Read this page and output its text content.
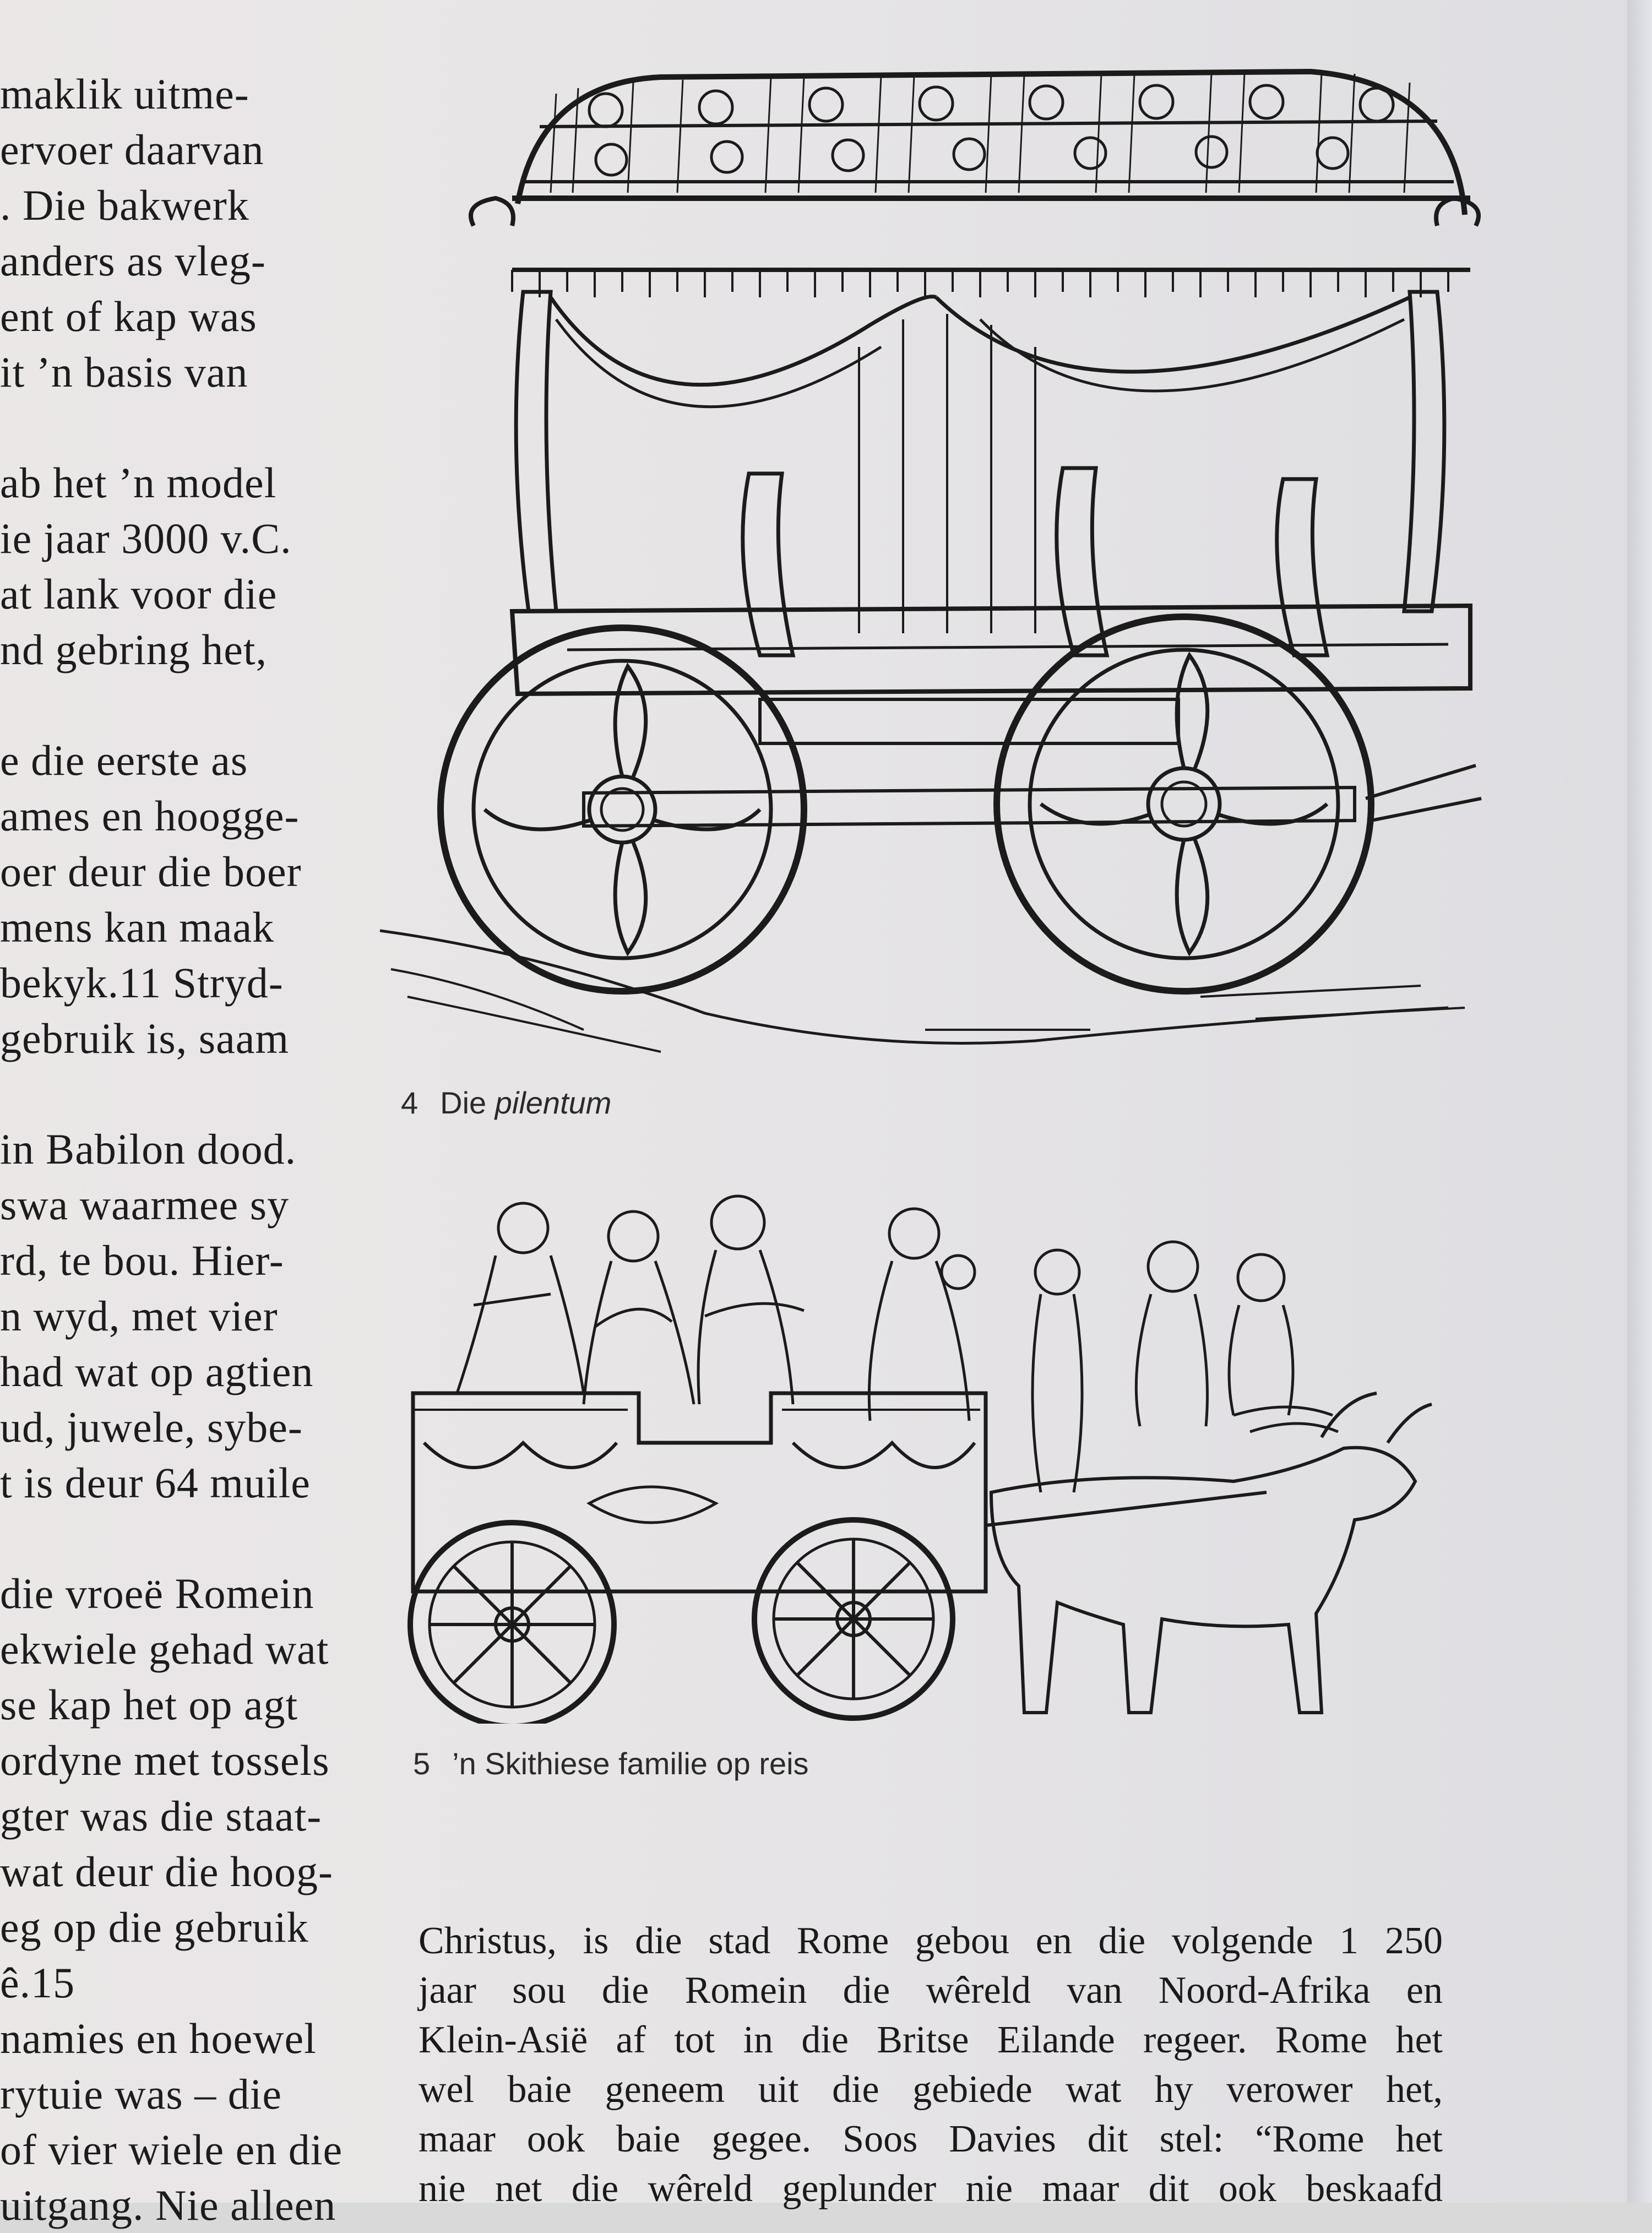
maklik uitme-
ervoer daarvan
. Die bakwerk
anders as vleg-
ent of kap was
it ’n basis van
ab het ’n model
ie jaar 3000 v.C.
at lank voor die
nd gebring het,
e die eerste as
ames en hoogge-
oer deur die boer
mens kan maak
bekyk.11 Stryd-
gebruik is, saam
in Babilon dood.
swa waarmee sy
rd, te bou. Hier-
n wyd, met vier
had wat op agtien
ud, juwele, sybe-
t is deur 64 muile
die vroeë Romein
ekwiele gehad wat
se kap het op agt
ordyne met tossels
gter was die staat-
wat deur die hoog-
eg op die gebruik
ê.15
namies en hoewel
rytuie was – die
of vier wiele en die
uitgang. Nie alleen
4 Die pilentum
5 ’n Skithiese familie op reis
Christus, is die stad Rome gebou en die volgende 1 250
jaar sou die Romein die wêreld van Noord-Afrika en
Klein-Asië af tot in die Britse Eilande regeer. Rome het
wel baie geneem uit die gebiede wat hy verower het,
maar ook baie gegee. Soos Davies dit stel: “Rome het
nie net die wêreld geplunder nie maar dit ook beskaafd
